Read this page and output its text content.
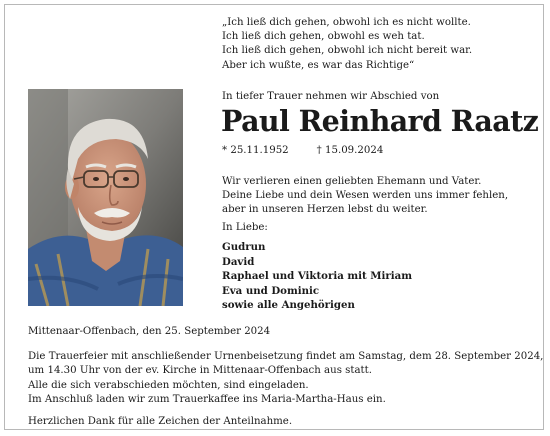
„Ich ließ dich gehen, obwohl ich es nicht wollte.
Ich ließ dich gehen, obwohl es weh tat.
Ich ließ dich gehen, obwohl ich nicht bereit war.
Aber ich wußte, es war das Richtige“
In tiefer Trauer nehmen wir Abschied von
Paul Reinhard Raatz
* 25.11.1952	† 15.09.2024
Wir verlieren einen geliebten Ehemann und Vater.
Deine Liebe und dein Wesen werden uns immer fehlen,
aber in unseren Herzen lebst du weiter.
In Liebe:
Gudrun
David
Raphael und Viktoria mit Miriam
Eva und Dominic
sowie alle Angehörigen
Mittenaar-Offenbach, den 25. September 2024
Die Trauerfeier mit anschließender Urnenbeisetzung findet am Samstag, dem 28. September 2024,
um 14.30 Uhr von der ev. Kirche in Mittenaar-Offenbach aus statt.
Alle die sich verabschieden möchten, sind eingeladen.
Im Anschluß laden wir zum Trauerkaffee ins Maria-Martha-Haus ein.
Herzlichen Dank für alle Zeichen der Anteilnahme.
